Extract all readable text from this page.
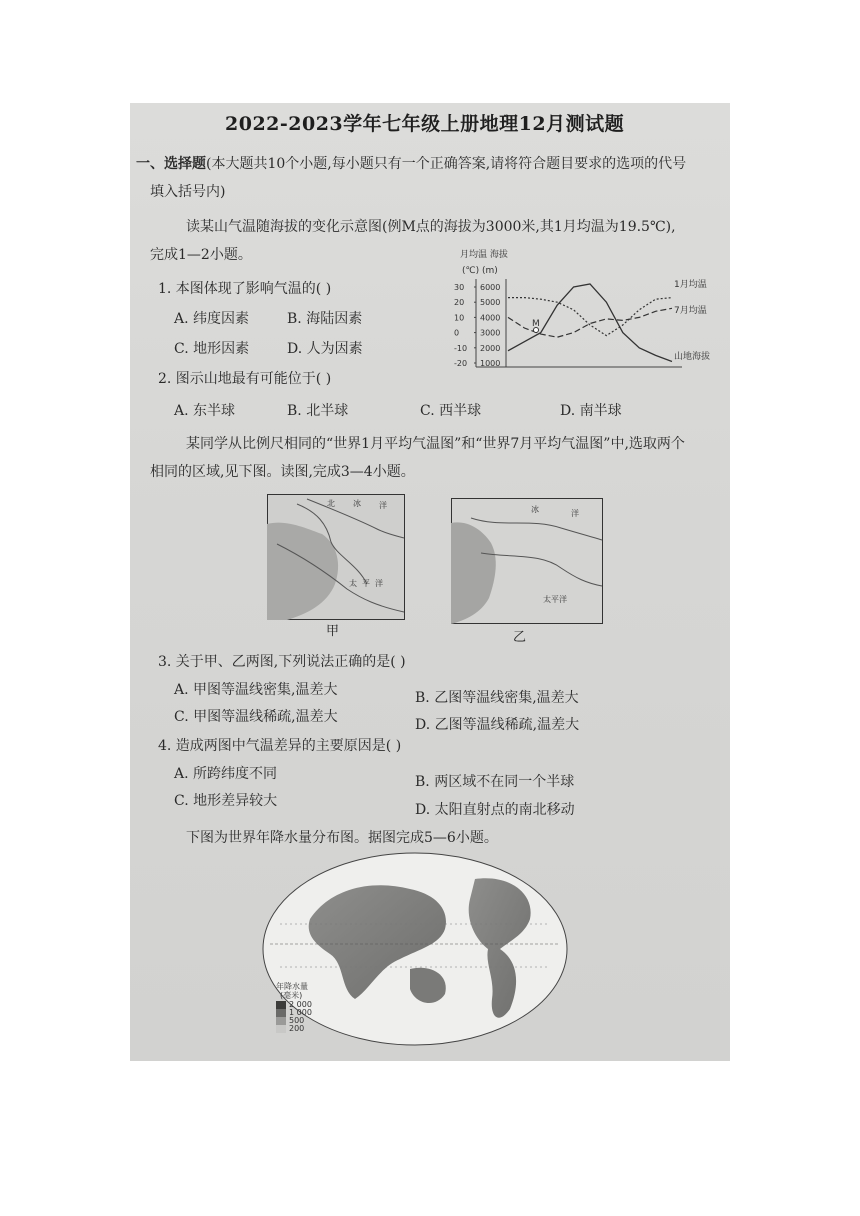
2022-2023学年七年级上册地理12月测试题
一、选择题(本大题共10个小题,每小题只有一个正确答案,请将符合题目要求的选项的代号
填入括号内)
读某山气温随海拔的变化示意图(例M点的海拔为3000米,其1月均温为19.5℃),
完成1—2小题。	月均温 海拔
(℃) (m)
30
20
10
0
-10
-20
6000
5000
4000
3000
2000
1000
M
1月均温
7月均温
山地海拔
1. 本图体现了影响气温的( )
A. 纬度因素	B. 海陆因素
C. 地形因素	D. 人为因素
2. 图示山地最有可能位于( )
A. 东半球	B. 北半球	C. 西半球	D. 南半球
某同学从比例尺相同的“世界1月平均气温图”和“世界7月平均气温图”中,选取两个
相同的区域,见下图。读图,完成3—4小题。
北 冰 洋
太 平 洋
甲
冰	洋
太平洋
乙
3. 关于甲、乙两图,下列说法正确的是( )
A. 甲图等温线密集,温差大	B. 乙图等温线密集,温差大
C. 甲图等温线稀疏,温差大	D. 乙图等温线稀疏,温差大
4. 造成两图中气温差异的主要原因是( )
A. 所跨纬度不同	B. 两区域不在同一个半球
C. 地形差异较大
D. 太阳直射点的南北移动
下图为世界年降水量分布图。据图完成5—6小题。
年降水量
(毫米)
2 000
1 000
500
200
